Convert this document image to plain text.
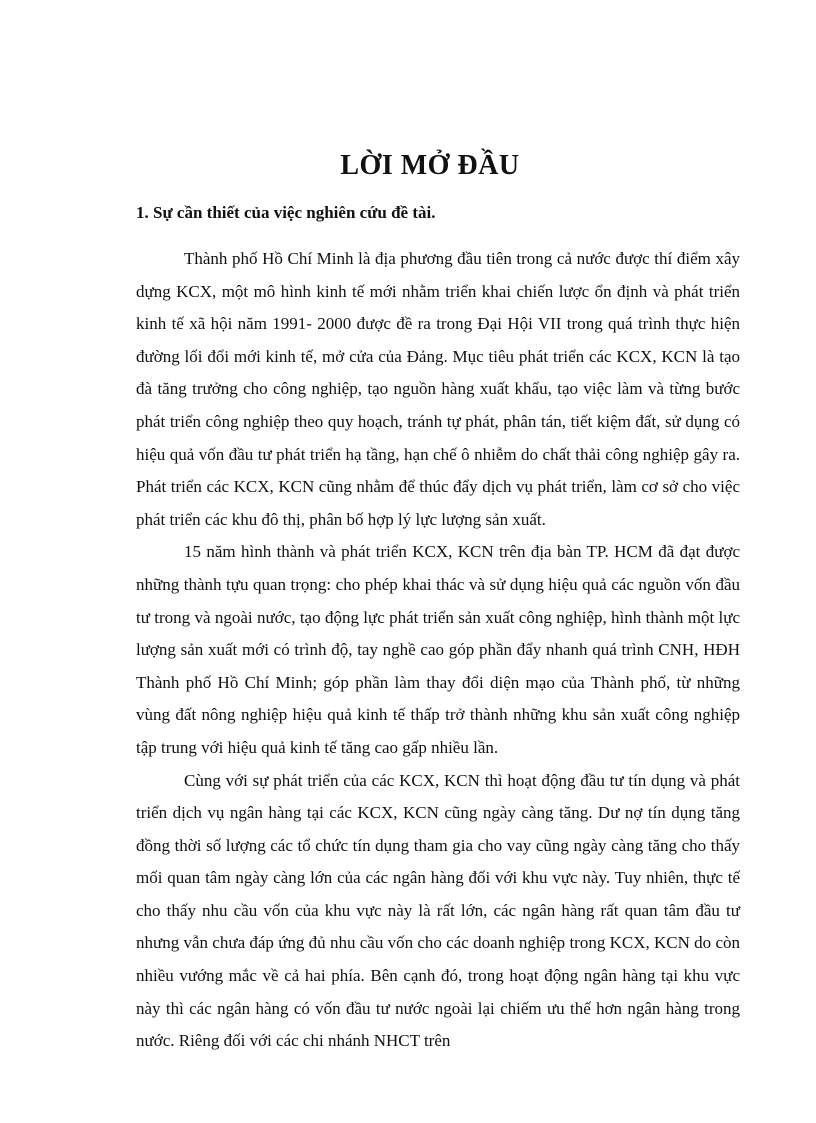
LỜI MỞ ĐẦU
1. Sự cần thiết của việc nghiên cứu đề tài.

Thành phố Hồ Chí Minh là địa phương đầu tiên trong cả nước được thí điểm xây dựng KCX, một mô hình kinh tế mới nhằm triển khai chiến lược ổn định và phát triển kinh tế xã hội năm 1991- 2000 được đề ra trong Đại Hội VII trong quá trình thực hiện đường lối đổi mới kinh tế, mở cửa của Đảng. Mục tiêu phát triển các KCX, KCN là tạo đà tăng trưởng cho công nghiệp, tạo nguồn hàng xuất khẩu, tạo việc làm và từng bước phát triển công nghiệp theo quy hoạch, tránh tự phát, phân tán, tiết kiệm đất, sử dụng có hiệu quả vốn đầu tư phát triển hạ tầng, hạn chế ô nhiễm do chất thải công nghiệp gây ra. Phát triển các KCX, KCN cũng nhằm để thúc đẩy dịch vụ phát triển, làm cơ sở cho việc phát triển các khu đô thị, phân bố hợp lý lực lượng sản xuất.

15 năm hình thành và phát triển KCX, KCN trên địa bàn TP. HCM đã đạt được những thành tựu quan trọng: cho phép khai thác và sử dụng hiệu quả các nguồn vốn đầu tư trong và ngoài nước, tạo động lực phát triển sản xuất công nghiệp, hình thành một lực lượng sản xuất mới có trình độ, tay nghề cao góp phần đẩy nhanh quá trình CNH, HĐH Thành phố Hồ Chí Minh; góp phần làm thay đổi diện mạo của Thành phố, từ những vùng đất nông nghiệp hiệu quả kinh tế thấp trở thành những khu sản xuất công nghiệp tập trung với hiệu quả kinh tế tăng cao gấp nhiều lần.

Cùng với sự phát triển của các KCX, KCN thì hoạt động đầu tư tín dụng và phát triển dịch vụ ngân hàng tại các KCX, KCN cũng ngày càng tăng. Dư nợ tín dụng tăng đồng thời số lượng các tổ chức tín dụng tham gia cho vay cũng ngày càng tăng cho thấy mối quan tâm ngày càng lớn của các ngân hàng đối với khu vực này. Tuy nhiên, thực tế cho thấy nhu cầu vốn của khu vực này là rất lớn, các ngân hàng rất quan tâm đầu tư nhưng vẫn chưa đáp ứng đủ nhu cầu vốn cho các doanh nghiệp trong KCX, KCN do còn nhiều vướng mắc về cả hai phía. Bên cạnh đó, trong hoạt động ngân hàng tại khu vực này thì các ngân hàng có vốn đầu tư nước ngoài lại chiếm ưu thế hơn ngân hàng trong nước. Riêng đối với các chi nhánh NHCT trên
